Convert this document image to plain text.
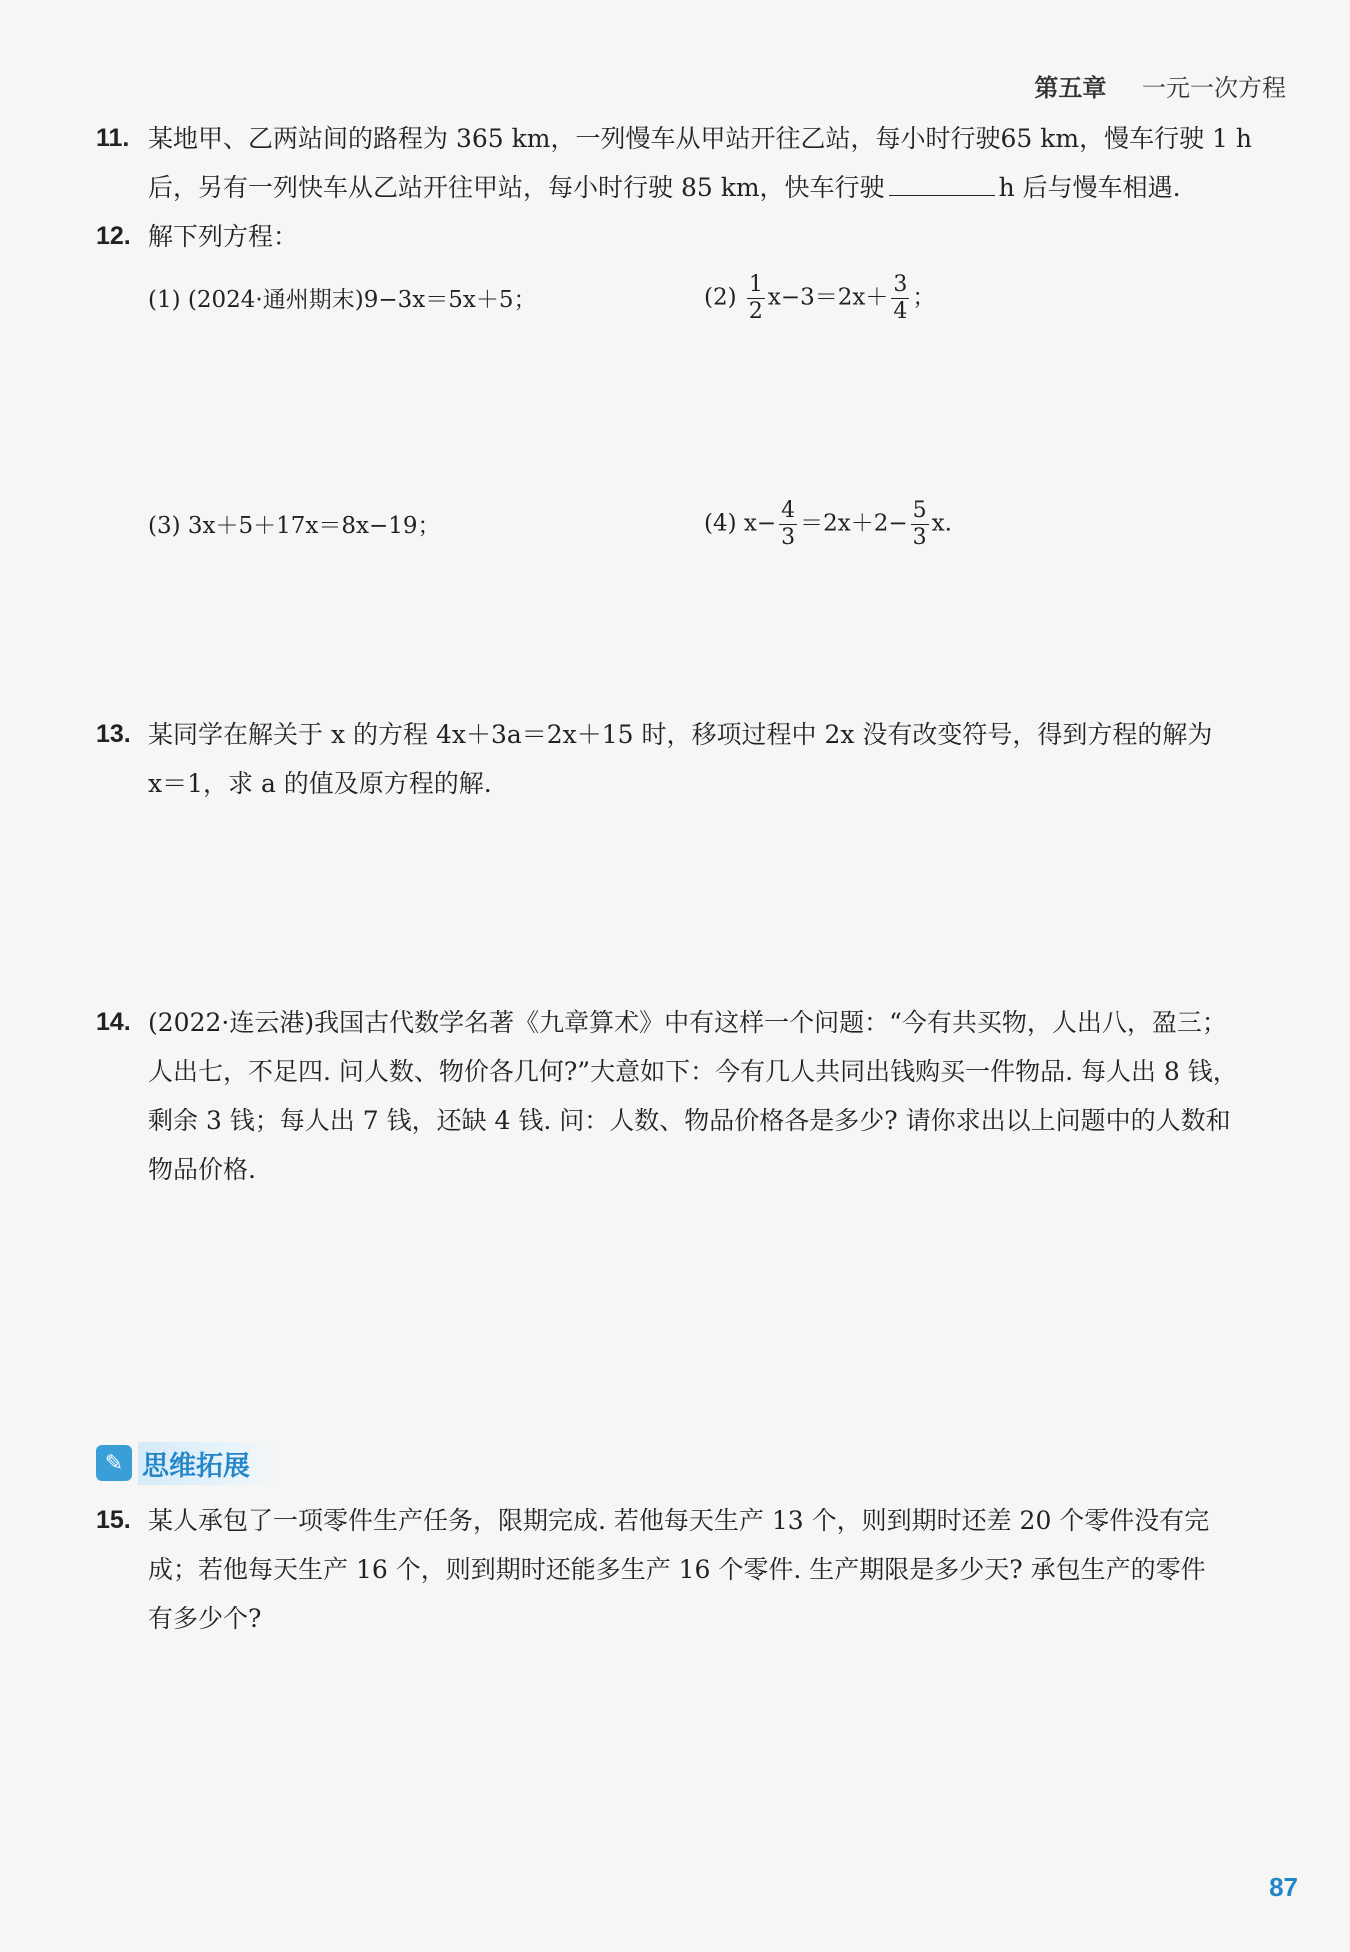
第五章 一元一次方程
11. 某地甲、乙两站间的路程为 365 km，一列慢车从甲站开往乙站，每小时行驶65 km，慢车行驶 1 h
后，另有一列快车从乙站开往甲站，每小时行驶 85 km，快车行驶	h 后与慢车相遇.
12. 解下列方程：
(1) (2024·通州期末)9−3x＝5x＋5；	$(2) \frac{1}{2} x-3=2x+ \frac{3}{4}$ ；
(3) 3x＋5＋17x＝8x−19；	(4) $x- \frac{4}{3} =2x+2- \frac{5}{3} x$.
13. 某同学在解关于 x 的方程 4x＋3a＝2x＋15 时，移项过程中 2x 没有改变符号，得到方程的解为
x＝1，求 a 的值及原方程的解.
14. (2022·连云港)我国古代数学名著《九章算术》中有这样一个问题：“今有共买物，人出八，盈三；
人出七，不足四. 问人数、物价各几何?”大意如下：今有几人共同出钱购买一件物品. 每人出 8 钱，
剩余 3 钱；每人出 7 钱，还缺 4 钱. 问：人数、物品价格各是多少? 请你求出以上问题中的人数和
物品价格.
✎ 思维拓展
15. 某人承包了一项零件生产任务，限期完成. 若他每天生产 13 个，则到期时还差 20 个零件没有完
成；若他每天生产 16 个，则到期时还能多生产 16 个零件. 生产期限是多少天? 承包生产的零件
有多少个?
87
